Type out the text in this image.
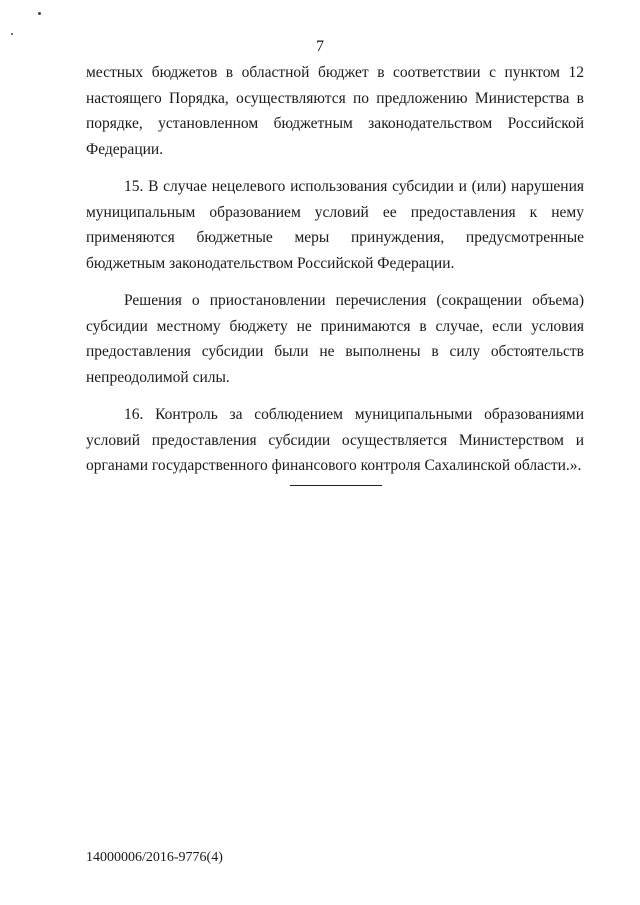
7

местных бюджетов в областной бюджет в соответствии с пунктом 12 настоящего Порядка, осуществляются по предложению Министерства в порядке, установленном бюджетным законодательством Российской Федерации.

15. В случае нецелевого использования субсидии и (или) нарушения муниципальным образованием условий ее предоставления к нему применяются бюджетные меры принуждения, предусмотренные бюджетным законодательством Российской Федерации.

Решения о приостановлении перечисления (сокращении объема) субсидии местному бюджету не принимаются в случае, если условия предоставления субсидии были не выполнены в силу обстоятельств непреодолимой силы.

16. Контроль за соблюдением муниципальными образованиями условий предоставления субсидии осуществляется Министерством и органами государственного финансового контроля Сахалинской области.».

14000006/2016-9776(4)
